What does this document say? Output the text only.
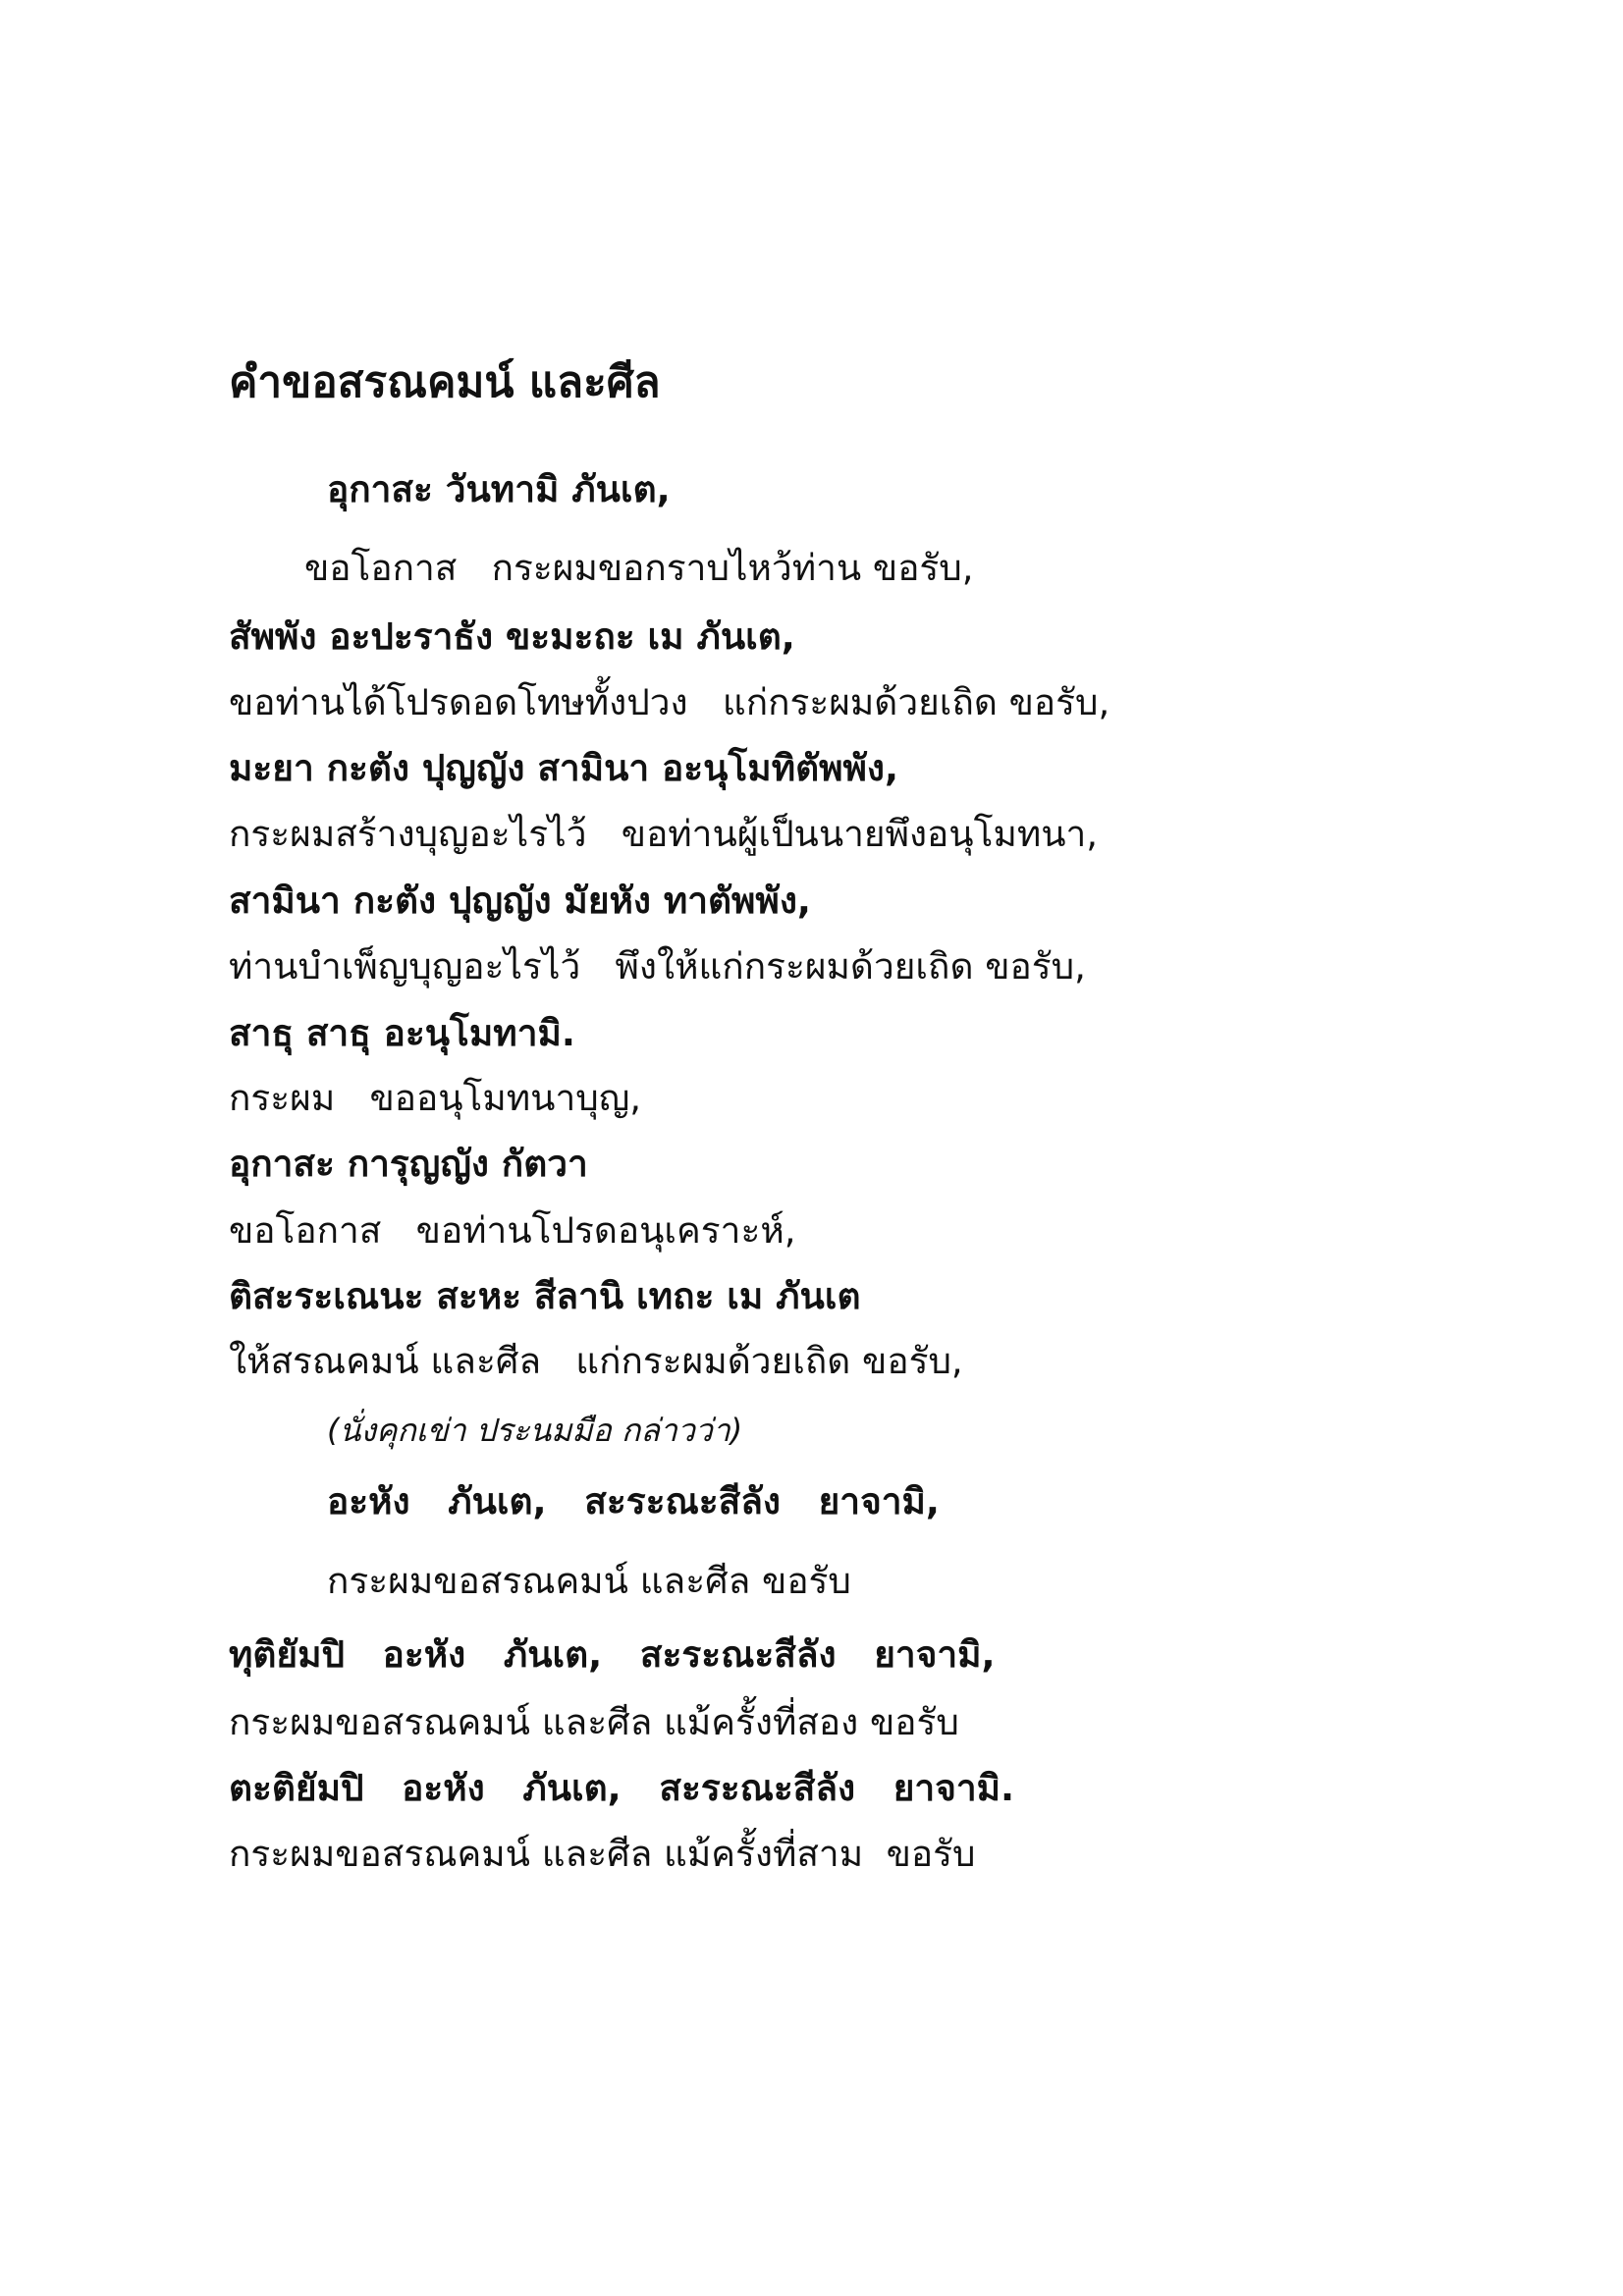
คำขอสรณคมน์ และศีล
อุกาสะ วันทามิ ภันเต,
ขอโอกาส   กระผมขอกราบไหว้ท่าน ขอรับ,
สัพพัง อะปะราธัง ขะมะถะ เม ภันเต,
ขอท่านได้โปรดอดโทษทั้งปวง   แก่กระผมด้วยเถิด ขอรับ,
มะยา กะตัง ปุญญัง สามินา อะนุโมทิตัพพัง,
กระผมสร้างบุญอะไรไว้   ขอท่านผู้เป็นนายพึงอนุโมทนา,
สามินา กะตัง ปุญญัง มัยหัง ทาตัพพัง,
ท่านบำเพ็ญบุญอะไรไว้   พึงให้แก่กระผมด้วยเถิด ขอรับ,
สาธุ สาธุ อะนุโมทามิ.
กระผม   ขออนุโมทนาบุญ,
อุกาสะ การุญญัง กัตวา
ขอโอกาส   ขอท่านโปรดอนุเคราะห์,
ติสะระเณนะ สะหะ สีลานิ เทถะ เม ภันเต
ให้สรณคมน์ และศีล   แก่กระผมด้วยเถิด ขอรับ,
(นั่งคุกเข่า ประนมมือ กล่าวว่า)
อะหัง   ภันเต,   สะระณะสีลัง   ยาจามิ,
กระผมขอสรณคมน์ และศีล ขอรับ
ทุติยัมปิ   อะหัง   ภันเต,   สะระณะสีลัง   ยาจามิ,
กระผมขอสรณคมน์ และศีล แม้ครั้งที่สอง ขอรับ
ตะติยัมปิ   อะหัง   ภันเต,   สะระณะสีลัง   ยาจามิ.
กระผมขอสรณคมน์ และศีล แม้ครั้งที่สาม  ขอรับ
